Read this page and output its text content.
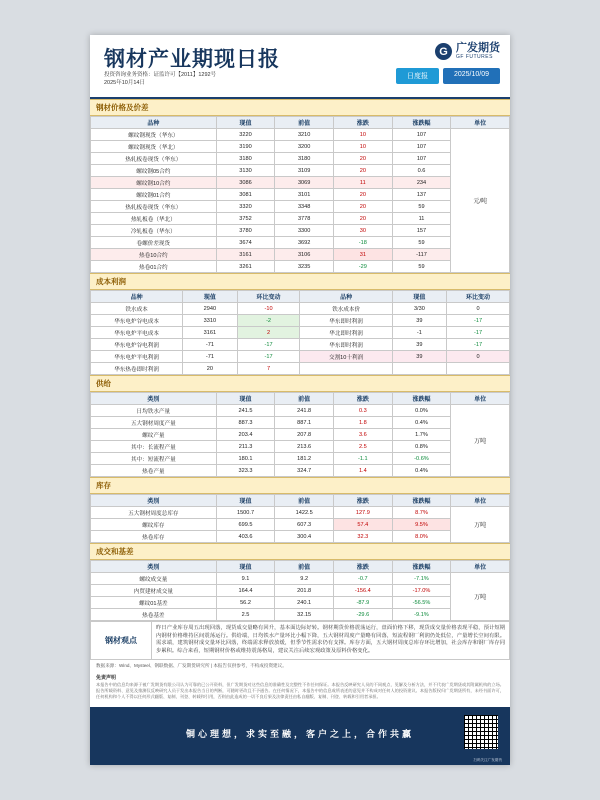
钢材产业期现日报
投资咨询业务资格：证监许可【2011】1292号
2025年10月14日
G 广发期货
GF FUTURES
日度报	2025/10/09
钢材价格及价差
品种	现值	前值	涨跌	涨跌幅	单位
螺纹钢现货（华东）	3220	3210	10	107	元/吨
螺纹钢现货（华北）	3190	3200	10	107	
热轧板卷现货（华东）	3180	3180	20	107	
螺纹钢05合约	3130	3109	20	0.6	
螺纹钢10合约	3086	3069	11	234	
螺纹钢01合约	3081	3101	20	137	
热轧板卷现货（华东）	3320	3348	20	59	
热轧板卷（华北）	3752	3778	20	11	
冷轧板卷（华东）	3780	3300	30	157	
卷螺价差现货	3674	3692	-18	59	
热卷10合约	3161	3106	31	-117	
热卷01合约	3261	3235	-29	59	
成本利润
品种	现值	环比变动	品种	现值	环比变动
铁水成本	2940	-10	铁水成本价	3/30	0
华东电炉谷电成本	3310	-2	华东即时利润	39	-17
华东电炉平电成本	3161	2	华北即时利润	-1	-17
华东电炉谷电利润	-71	-17	华东即时利润	39	-17
华东电炉平电利润	-71	-17	交割10十利润	39	0
华东热卷即时利润	20	7			
供给
类别	现值	前值	涨跌	涨跌幅	单位
日均铁水产量	241.5	241.8	0.3	0.0%	万吨
五大钢材周度产量	887.3	887.1	1.8	0.4%	
螺纹产量	203.4	207.8	3.6	1.7%	
其中：长流程产量	211.3	213.6	2.5	0.8%	
其中：短流程产量	180.1	181.2	-1.1	-0.6%	
热卷产量	323.3	324.7	1.4	0.4%	
库存
类别	现值	前值	涨跌	涨跌幅	单位
五大钢材周度总库存	1500.7	1422.5	127.9	8.7%	万吨
螺纹库存	699.5	607.3	57.4	9.5%	
热卷库存	403.6	300.4	32.3	8.0%	
成交和基差
类别	现值	前值	涨跌	涨跌幅	单位
螺纹成交量	9.1	9.2	-0.7	-7.1%	万吨
内贸建材成交量	164.4	201.8	-156.4	-17.0%	
螺纹01基差	56.2	240.1	-87.9	-56.5%	
热卷基差	2.5	32.15	-29.6	-9.1%	
钢材观点
昨日产业库存周五出现回落，现货成交量略有回升，基本面边际好转。钢材期货价格震荡运行，盘面价格下移，现货成交量价格表现平稳，预计短期内钢材价格维持区间震荡运行。供给端，日均铁水产量环比小幅下降，五大钢材周度产量略有回落，短流程钢厂利润仍处低位，产量增长空间有限。需求端，建筑钢材成交量环比回落，终端需求释放放缓，但季节性需求仍有支撑。库存方面，五大钢材周度总库存环比增加，社会库存和钢厂库存同步累积。综合来看，短期钢材价格或维持震荡格局，建议关注后续宏观政策及原料价格变化。
数据来源：Wind、Mysteel、钢联数据、广发期货研究所 | 本报告仅供参考，不构成投资建议。
免责声明
本报告中的信息均来源于被广发期货有限公司认为可靠的已公开资料，但广发期货对这些信息的准确性及完整性不作任何保证。本报告反映研究人员的不同观点、见解及分析方法，并不代表广发期货或其附属机构的立场。报告所载资料、意见及推测仅反映研究人员于发出本报告当日的判断，可随时更改且不予通告。在任何情况下，本报告中的信息或所表述的意见并不构成对任何人的投资建议。本报告版权归广发期货所有，未经书面许可，任何机构和个人不得以任何形式翻版、复制、刊登、转载和引用，否则由此造成的一切不良后果及法律责任由私自翻版、复制、刊登、转载和引用者承担。
铜心理想，求实至融，客户之上，合作共赢
扫码关注广发期货
